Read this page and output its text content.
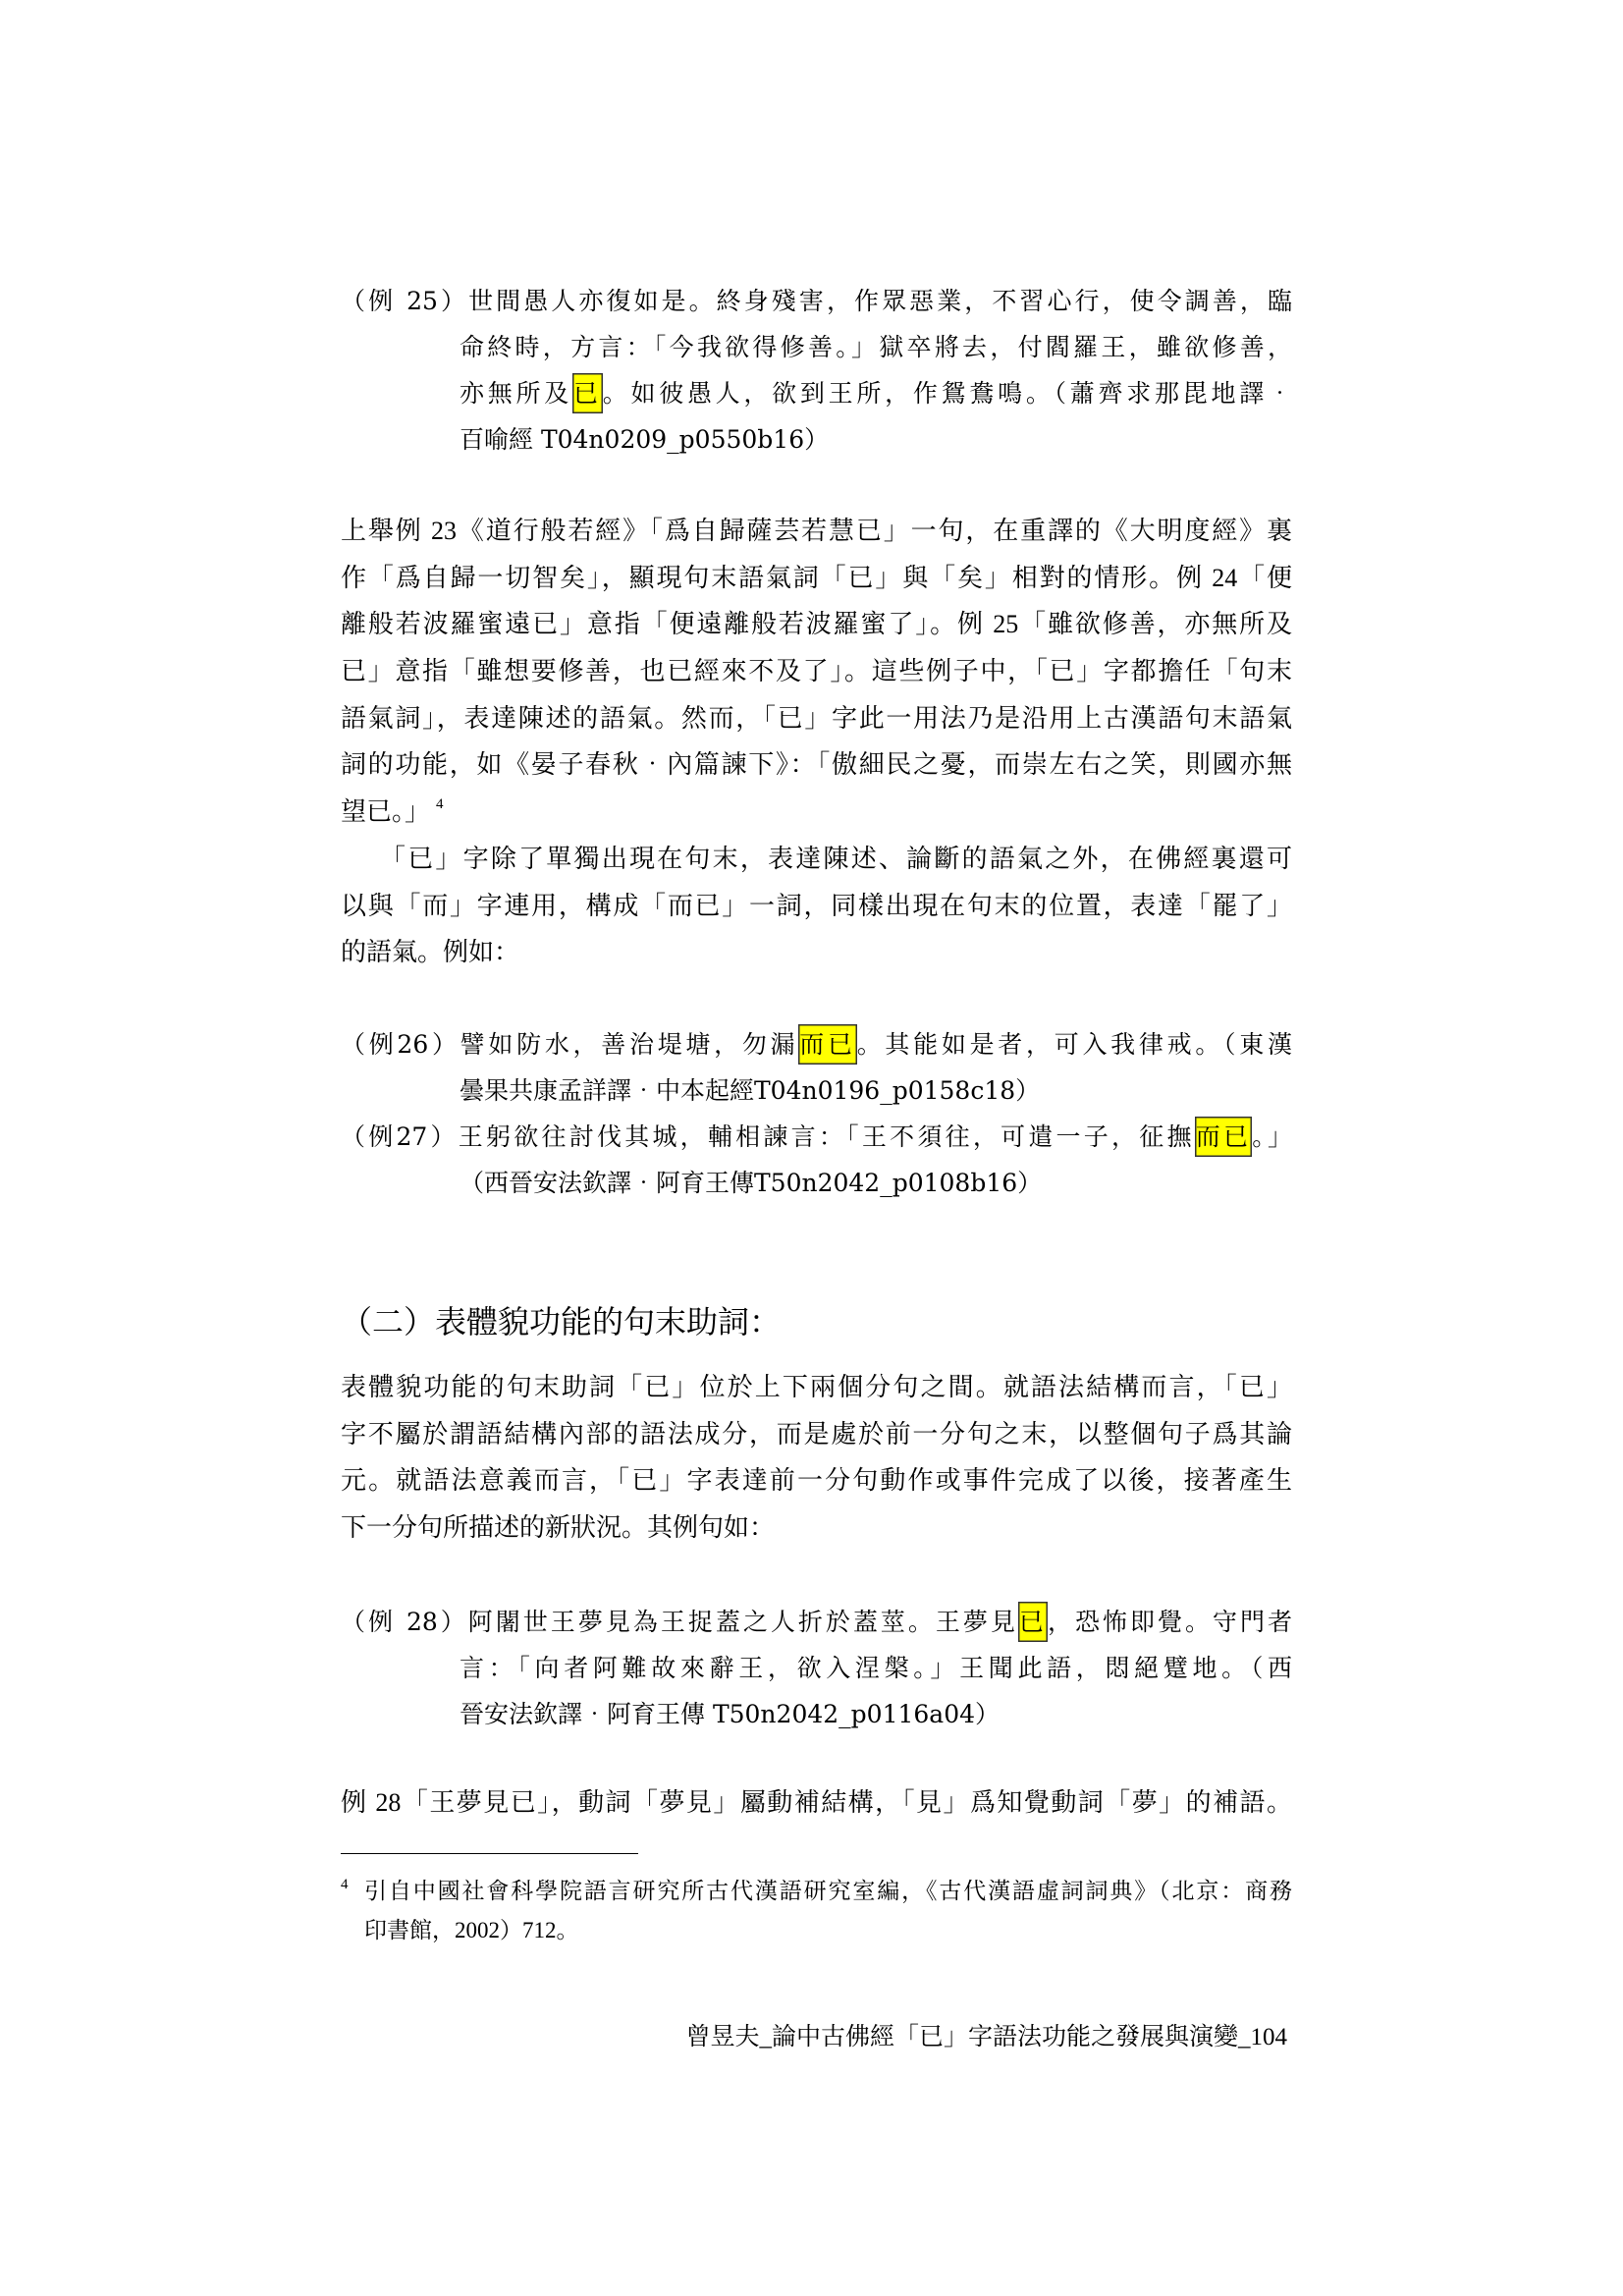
（例 25）世間愚人亦復如是。終身殘害，作眾惡業，不習心行，使令調善，臨
命終時，方言：「今我欲得修善。」獄卒將去，付閻羅王，雖欲修善，
亦無所及已。如彼愚人，欲到王所，作鴛鴦鳴。（蕭齊求那毘地譯‧
百喻經 T04n0209_p0550b16）
上舉例 23《道行般若經》「爲自歸薩芸若慧已」一句，在重譯的《大明度經》裏
作「爲自歸一切智矣」，顯現句末語氣詞「已」與「矣」相對的情形。例 24「便
離般若波羅蜜遠已」意指「便遠離般若波羅蜜了」。例 25「雖欲修善，亦無所及
已」意指「雖想要修善，也已經來不及了」。這些例子中，「已」字都擔任「句末
語氣詞」，表達陳述的語氣。然而，「已」字此一用法乃是沿用上古漢語句末語氣
詞的功能，如《晏子春秋‧內篇諫下》：「傲細民之憂，而崇左右之笑，則國亦無
望已。」 $^4$
「已」字除了單獨出現在句末，表達陳述、論斷的語氣之外，在佛經裏還可
以與「而」字連用，構成「而已」一詞，同樣出現在句末的位置，表達「罷了」
的語氣。例如：
（例26）譬如防水，善治堤塘，勿漏而已。其能如是者，可入我律戒。（東漢
曇果共康孟詳譯‧中本起經T04n0196_p0158c18）
（例27）王躬欲往討伐其城，輔相諫言：「王不須往，可遣一子，征撫而已。」
（西晉安法欽譯‧阿育王傳T50n2042_p0108b16）
（二）表體貌功能的句末助詞：
表體貌功能的句末助詞「已」位於上下兩個分句之間。就語法結構而言，「已」
字不屬於謂語結構內部的語法成分，而是處於前一分句之末，以整個句子爲其論
元。就語法意義而言，「已」字表達前一分句動作或事件完成了以後，接著產生
下一分句所描述的新狀況。其例句如：
（例 28）阿闍世王夢見為王捉蓋之人折於蓋莖。王夢見已，恐怖即覺。守門者
言：「向者阿難故來辭王，欲入涅槃。」王聞此語，悶絕躄地。（西
晉安法欽譯‧阿育王傳 T50n2042_p0116a04）
例 28「王夢見已」，動詞「夢見」屬動補結構，「見」爲知覺動詞「夢」的補語。
4 引自中國社會科學院語言研究所古代漢語研究室編，《古代漢語虛詞詞典》（北京：商務
印書館，2002）712。
曾昱夫_論中古佛經「已」字語法功能之發展與演變_104
